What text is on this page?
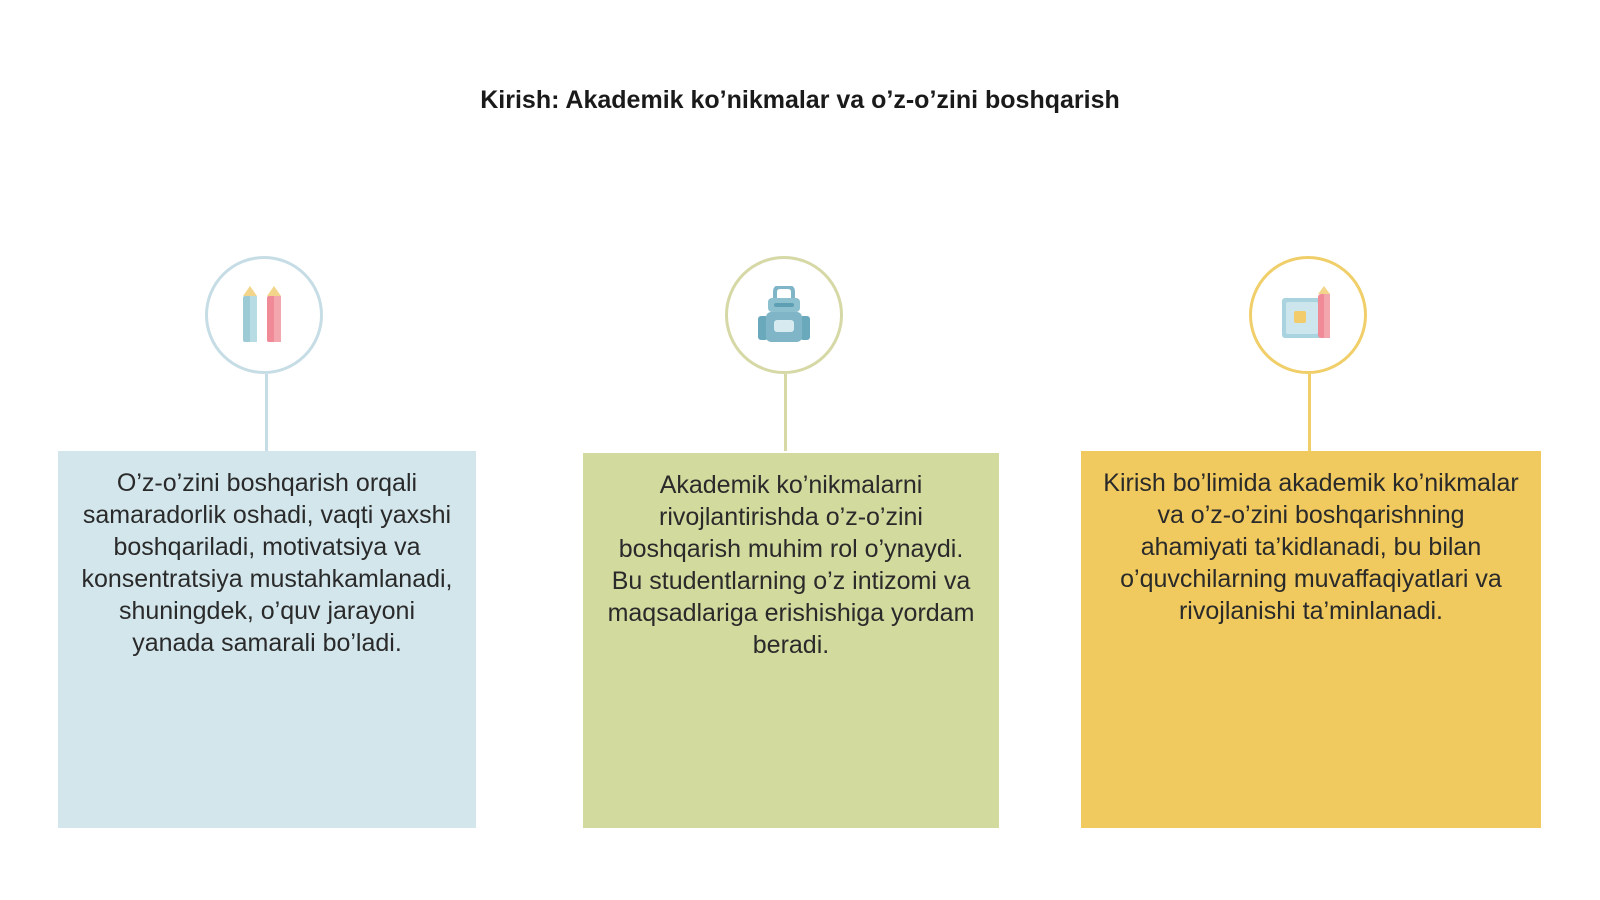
Kirish: Akademik ko’nikmalar va o’z-o’zini boshqarish
O’z-o’zini boshqarish orqali samaradorlik oshadi, vaqti yaxshi boshqariladi, motivatsiya va konsentratsiya mustahkamlanadi, shuningdek, o’quv jarayoni yanada samarali bo’ladi.
Akademik ko’nikmalarni rivojlantirishda o’z-o’zini boshqarish muhim rol o’ynaydi. Bu studentlarning o’z intizomi va maqsadlariga erishishiga yordam beradi.
Kirish bo’limida akademik ko’nikmalar va o’z-o’zini boshqarishning ahamiyati ta’kidlanadi, bu bilan o’quvchilarning muvaffaqiyatlari va rivojlanishi ta’minlanadi.
